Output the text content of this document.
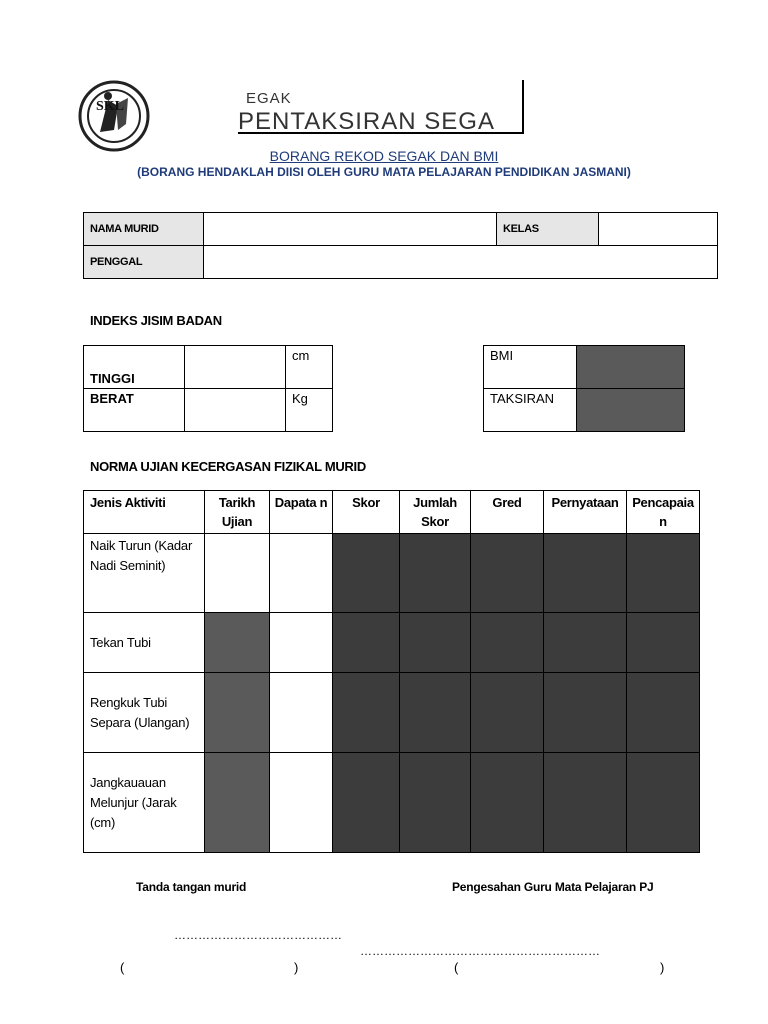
SKL	EGAK
PENTAKSIRAN SEGA
BORANG REKOD SEGAK DAN BMI
(BORANG HENDAKLAH DIISI OLEH GURU MATA PELAJARAN PENDIDIKAN JASMANI)
NAMA MURID		KELAS	
PENGGAL			
INDEKS JISIM BADAN
TINGGI		cm
BERAT		Kg
BMI	
TAKSIRAN	
NORMA UJIAN KECERGASAN FIZIKAL MURID
Jenis Aktiviti	Tarikh Ujian	Dapata n	Skor	Jumlah Skor	Gred	Pernyataan	Pencapaia n
Naik Turun (Kadar Nadi Seminit)							
Tekan Tubi							
Rengkuk Tubi Separa (Ulangan)							
Jangkauauan Melunjur (Jarak (cm)							
Tanda tangan murid	Pengesahan Guru Mata Pelajaran PJ
……………………………………
……………………………………………………
(	)	(	)
